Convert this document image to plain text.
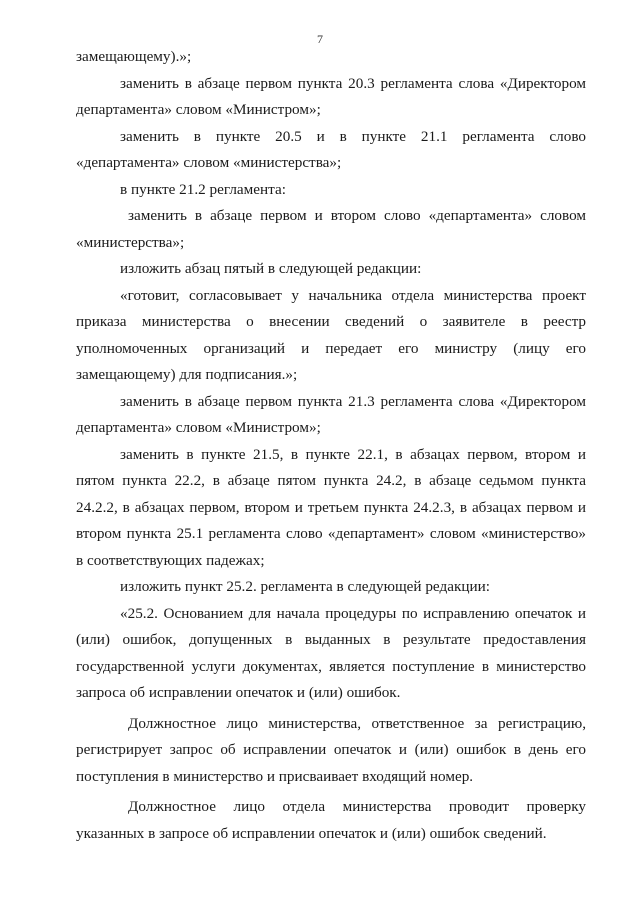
7

замещающему).»;

заменить в абзаце первом пункта 20.3 регламента слова «Директором департамента» словом «Министром»;

заменить в пункте 20.5 и в пункте 21.1 регламента слово «департамента» словом «министерства»;

в пункте 21.2 регламента:

заменить в абзаце первом и втором слово «департамента» словом «министерства»;

изложить абзац пятый в следующей редакции:

«готовит, согласовывает у начальника отдела министерства проект приказа министерства о внесении сведений о заявителе в реестр уполномоченных организаций и передает его министру (лицу его замещающему) для подписания.»;

заменить в абзаце первом пункта 21.3 регламента слова «Директором департамента» словом «Министром»;

заменить в пункте 21.5, в пункте 22.1, в абзацах первом, втором и пятом пункта 22.2, в абзаце пятом пункта 24.2, в абзаце седьмом пункта 24.2.2, в абзацах первом, втором и третьем пункта 24.2.3, в абзацах первом и втором пункта 25.1 регламента слово «департамент» словом «министерство» в соответствующих падежах;

изложить пункт 25.2. регламента в следующей редакции:

«25.2. Основанием для начала процедуры по исправлению опечаток и (или) ошибок, допущенных в выданных в результате предоставления государственной услуги документах, является поступление в министерство запроса об исправлении опечаток и (или) ошибок.

Должностное лицо министерства, ответственное за регистрацию, регистрирует запрос об исправлении опечаток и (или) ошибок в день его поступления в министерство и присваивает входящий номер.

Должностное лицо отдела министерства проводит проверку указанных в запросе об исправлении опечаток и (или) ошибок сведений.
